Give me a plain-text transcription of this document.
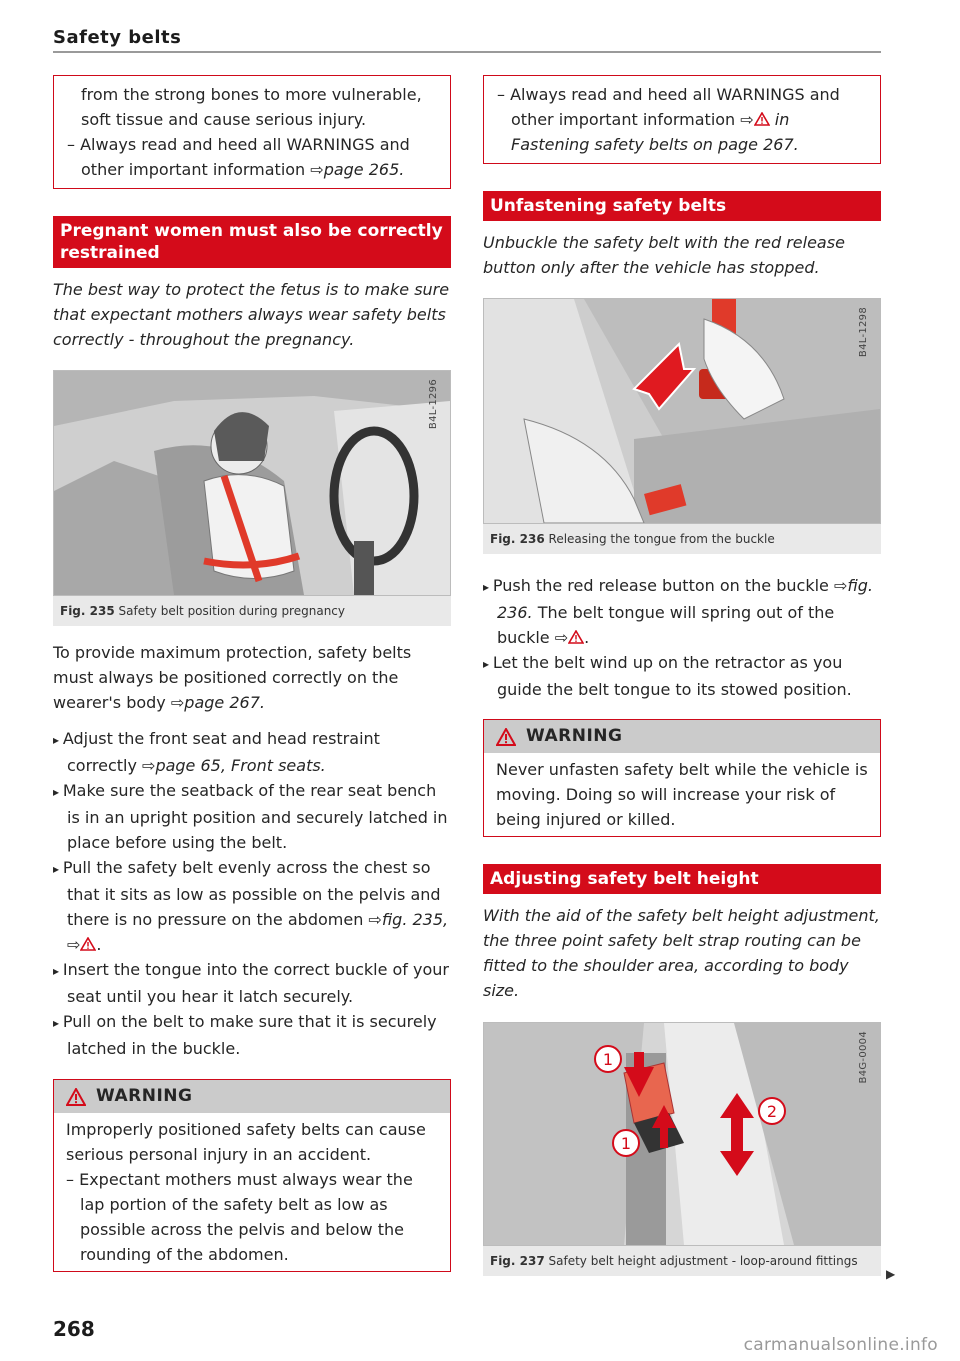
Safety belts

from the strong bones to more vulnerable, soft tissue and cause serious injury.

– Always read and heed all WARNINGS and other important information ⇨page 265.

Pregnant women must also be correctly restrained

The best way to protect the fetus is to make sure that expectant mothers always wear safety belts correctly - throughout the pregnancy.

B4L-1296
Fig. 235 Safety belt position during pregnancy

To provide maximum protection, safety belts must always be positioned correctly on the wearer's body ⇨page 267.

▸ Adjust the front seat and head restraint correctly ⇨page 65, Front seats.

▸ Make sure the seatback of the rear seat bench is in an upright position and securely latched in place before using the belt.

▸ Pull the safety belt evenly across the chest so that it sits as low as possible on the pelvis and there is no pressure on the abdomen ⇨fig. 235, ⇨ .

▸ Insert the tongue into the correct buckle of your seat until you hear it latch securely.

▸ Pull on the belt to make sure that it is securely latched in the buckle.

WARNING

Improperly positioned safety belts can cause serious personal injury in an accident.

– Expectant mothers must always wear the lap portion of the safety belt as low as possible across the pelvis and below the rounding of the abdomen.

– Always read and heed all WARNINGS and other important information ⇨ in Fastening safety belts on page 267.

Unfastening safety belts

Unbuckle the safety belt with the red release button only after the vehicle has stopped.

B4L-1298
Fig. 236 Releasing the tongue from the buckle

▸ Push the red release button on the buckle ⇨fig. 236. The belt tongue will spring out of the buckle ⇨ .

▸ Let the belt wind up on the retractor as you guide the belt tongue to its stowed position.

WARNING

Never unfasten safety belt while the vehicle is moving. Doing so will increase your risk of being injured or killed.

Adjusting safety belt height

With the aid of the safety belt height adjustment, the three point safety belt strap routing can be fitted to the shoulder area, according to body size.

1
1
2
B4G-0004
Fig. 237 Safety belt height adjustment - loop-around fittings
▶
268
carmanualsonline.info
